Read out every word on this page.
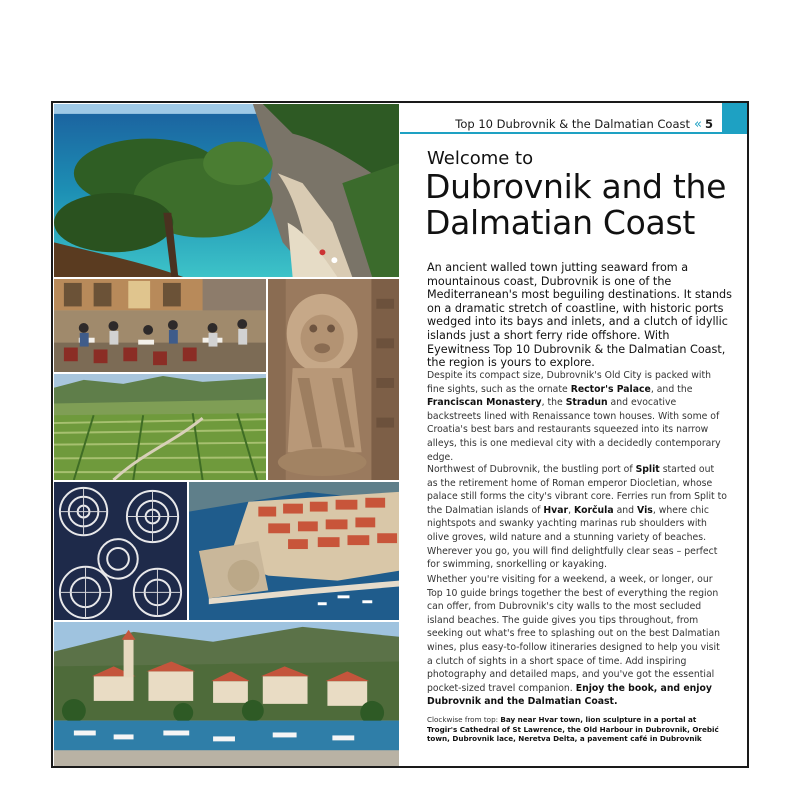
Top 10 Dubrovnik & the Dalmatian Coast « 5
Welcome to
Dubrovnik and the Dalmatian Coast

An ancient walled town jutting seaward from a mountainous coast, Dubrovnik is one of the Mediterranean's most beguiling destinations. It stands on a dramatic stretch of coastline, with historic ports wedged into its bays and inlets, and a clutch of idyllic islands just a short ferry ride offshore. With Eyewitness Top 10 Dubrovnik & the Dalmatian Coast, the region is yours to explore.

Despite its compact size, Dubrovnik's Old City is packed with fine sights, such as the ornate Rector's Palace, and the Franciscan Monastery, the Stradun and evocative backstreets lined with Renaissance town houses. With some of Croatia's best bars and restaurants squeezed into its narrow alleys, this is one medieval city with a decidedly contemporary edge.

Northwest of Dubrovnik, the bustling port of Split started out as the retirement home of Roman emperor Diocletian, whose palace still forms the city's vibrant core. Ferries run from Split to the Dalmatian islands of Hvar, Korčula and Vis, where chic nightspots and swanky yachting marinas rub shoulders with olive groves, wild nature and a stunning variety of beaches. Wherever you go, you will find delightfully clear seas – perfect for swimming, snorkelling or kayaking.

Whether you're visiting for a weekend, a week, or longer, our Top 10 guide brings together the best of everything the region can offer, from Dubrovnik's city walls to the most secluded island beaches. The guide gives you tips throughout, from seeking out what's free to splashing out on the best Dalmatian wines, plus easy-to-follow itineraries designed to help you visit a clutch of sights in a short space of time. Add inspiring photography and detailed maps, and you've got the essential pocket-sized travel companion. Enjoy the book, and enjoy Dubrovnik and the Dalmatian Coast.

Clockwise from top: Bay near Hvar town, lion sculpture in a portal at Trogir's Cathedral of St Lawrence, the Old Harbour in Dubrovnik, Orebić town, Dubrovnik lace, Neretva Delta, a pavement café in Dubrovnik
